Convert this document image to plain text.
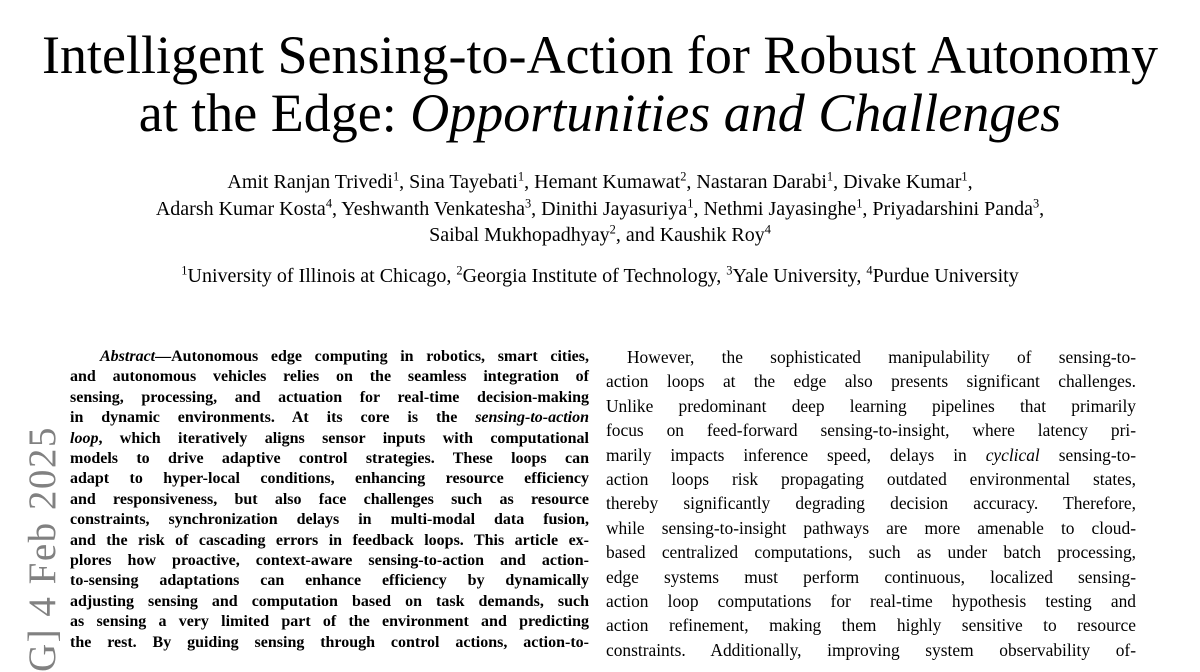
G] 4 Feb 2025
Intelligent Sensing-to-Action for Robust Autonomy
at the Edge: Opportunities and Challenges
Amit Ranjan Trivedi$^1$, Sina Tayebati$^1$, Hemant Kumawat$^2$, Nastaran Darabi$^1$, Divake Kumar$^1$,
Adarsh Kumar Kosta$^4$, Yeshwanth Venkatesha$^3$, Dinithi Jayasuriya$^1$, Nethmi Jayasinghe$^1$, Priyadarshini Panda$^3$,
Saibal Mukhopadhyay$^2$, and Kaushik Roy$^4$
$^1$University of Illinois at Chicago, $^2$Georgia Institute of Technology, $^3$Yale University, $^4$Purdue University
Abstract—Autonomous edge computing in robotics, smart cities,
and autonomous vehicles relies on the seamless integration of
sensing, processing, and actuation for real-time decision-making
in dynamic environments. At its core is the sensing-to-action
loop, which iteratively aligns sensor inputs with computational
models to drive adaptive control strategies. These loops can
adapt to hyper-local conditions, enhancing resource efficiency
and responsiveness, but also face challenges such as resource
constraints, synchronization delays in multi-modal data fusion,
and the risk of cascading errors in feedback loops. This article ex-
plores how proactive, context-aware sensing-to-action and action-
to-sensing adaptations can enhance efficiency by dynamically
adjusting sensing and computation based on task demands, such
as sensing a very limited part of the environment and predicting
the rest. By guiding sensing through control actions, action-to-
However, the sophisticated manipulability of sensing-to-
action loops at the edge also presents significant challenges.
Unlike predominant deep learning pipelines that primarily
focus on feed-forward sensing-to-insight, where latency pri-
marily impacts inference speed, delays in cyclical sensing-to-
action loops risk propagating outdated environmental states,
thereby significantly degrading decision accuracy. Therefore,
while sensing-to-insight pathways are more amenable to cloud-
based centralized computations, such as under batch processing,
edge systems must perform continuous, localized sensing-
action loop computations for real-time hypothesis testing and
action refinement, making them highly sensitive to resource
constraints. Additionally, improving system observability of-
